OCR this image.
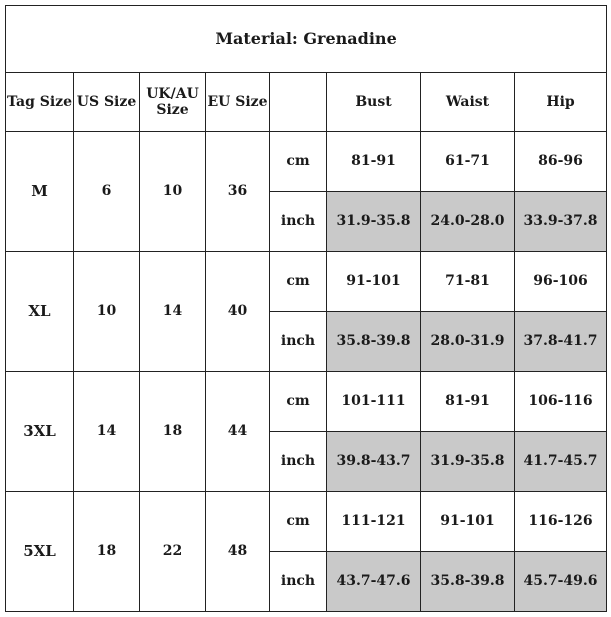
Material: Grenadine							
Tag Size	US Size	UK/AU Size	EU Size		Bust	Waist	Hip
M	6	10	36	cm	81-91	61-71	86-96
				inch	31.9-35.8	24.0-28.0	33.9-37.8
XL	10	14	40	cm	91-101	71-81	96-106
				inch	35.8-39.8	28.0-31.9	37.8-41.7
3XL	14	18	44	cm	101-111	81-91	106-116
				inch	39.8-43.7	31.9-35.8	41.7-45.7
5XL	18	22	48	cm	111-121	91-101	116-126
				inch	43.7-47.6	35.8-39.8	45.7-49.6
